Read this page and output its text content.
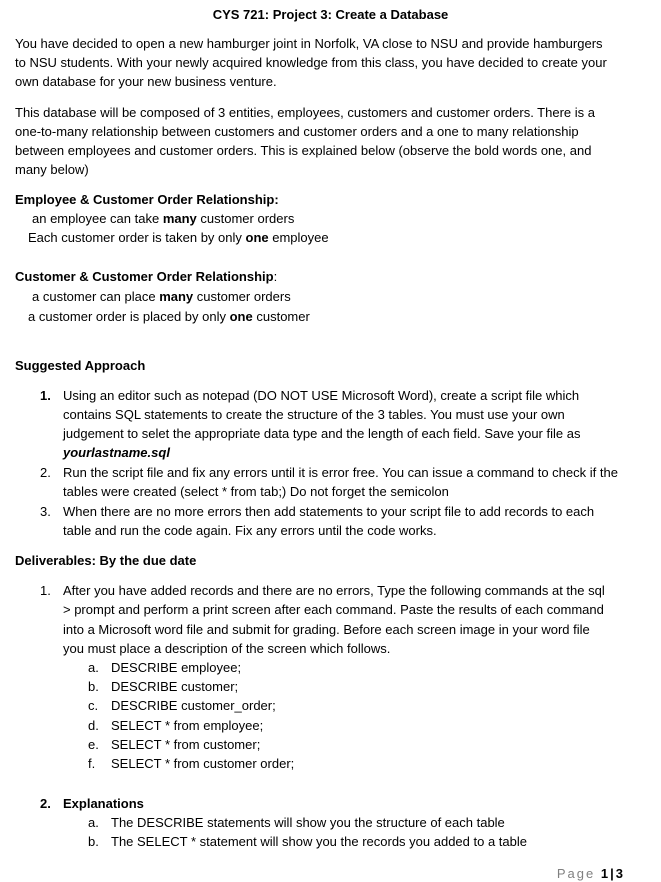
CYS 721: Project 3: Create a Database
You have decided to open a new hamburger joint in Norfolk, VA close to NSU and provide hamburgers
to NSU students. With your newly acquired knowledge from this class, you have decided to create your
own database for your new business venture.
This database will be composed of 3 entities, employees, customers and customer orders. There is a
one-to-many relationship between customers and customer orders and a one to many relationship
between employees and customer orders. This is explained below (observe the bold words one, and
many below)
Employee & Customer Order Relationship:
an employee can take many customer orders
Each customer order is taken by only one employee
Customer & Customer Order Relationship:
a customer can place many customer orders
a customer order is placed by only one customer
Suggested Approach
1. Using an editor such as notepad (DO NOT USE Microsoft Word), create a script file which
contains SQL statements to create the structure of the 3 tables. You must use your own
judgement to selet the appropriate data type and the length of each field. Save your file as
yourlastname.sql
2. Run the script file and fix any errors until it is error free. You can issue a command to check if the
tables were created (select * from tab;) Do not forget the semicolon
3. When there are no more errors then add statements to your script file to add records to each
table and run the code again. Fix any errors until the code works.
Deliverables: By the due date
1. After you have added records and there are no errors, Type the following commands at the sql
> prompt and perform a print screen after each command. Paste the results of each command
into a Microsoft word file and submit for grading. Before each screen image in your word file
you must place a description of the screen which follows.
a. DESCRIBE employee;
b. DESCRIBE customer;
c. DESCRIBE customer_order;
d. SELECT * from employee;
e. SELECT * from customer;
f. SELECT * from customer order;
2. Explanations
a. The DESCRIBE statements will show you the structure of each table
b. The SELECT * statement will show you the records you added to a table
Page 1 | 3
